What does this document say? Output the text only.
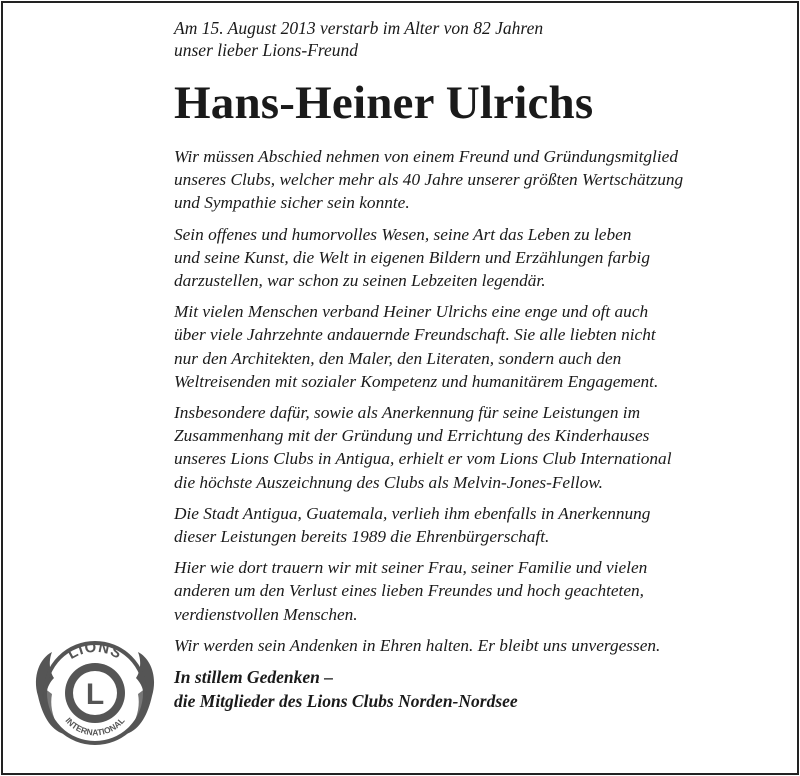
Am 15. August 2013 verstarb im Alter von 82 Jahren
unser lieber Lions-Freund
Hans-Heiner Ulrichs

Wir müssen Abschied nehmen von einem Freund und Gründungsmitglied
unseres Clubs, welcher mehr als 40 Jahre unserer größten Wertschätzung
und Sympathie sicher sein konnte.

Sein offenes und humorvolles Wesen, seine Art das Leben zu leben
und seine Kunst, die Welt in eigenen Bildern und Erzählungen farbig
darzustellen, war schon zu seinen Lebzeiten legendär.

Mit vielen Menschen verband Heiner Ulrichs eine enge und oft auch
über viele Jahrzehnte andauernde Freundschaft. Sie alle liebten nicht
nur den Architekten, den Maler, den Literaten, sondern auch den
Weltreisenden mit sozialer Kompetenz und humanitärem Engagement.

Insbesondere dafür, sowie als Anerkennung für seine Leistungen im
Zusammenhang mit der Gründung und Errichtung des Kinderhauses
unseres Lions Clubs in Antigua, erhielt er vom Lions Club International
die höchste Auszeichnung des Clubs als Melvin-Jones-Fellow.

Die Stadt Antigua, Guatemala, verlieh ihm ebenfalls in Anerkennung
dieser Leistungen bereits 1989 die Ehrenbürgerschaft.

Hier wie dort trauern wir mit seiner Frau, seiner Familie und vielen
anderen um den Verlust eines lieben Freundes und hoch geachteten,
verdienstvollen Menschen.

Wir werden sein Andenken in Ehren halten. Er bleibt uns unvergessen.

In stillem Gedenken –
die Mitglieder des Lions Clubs Norden-Nordsee
L
LIONS
INTERNATIONAL
